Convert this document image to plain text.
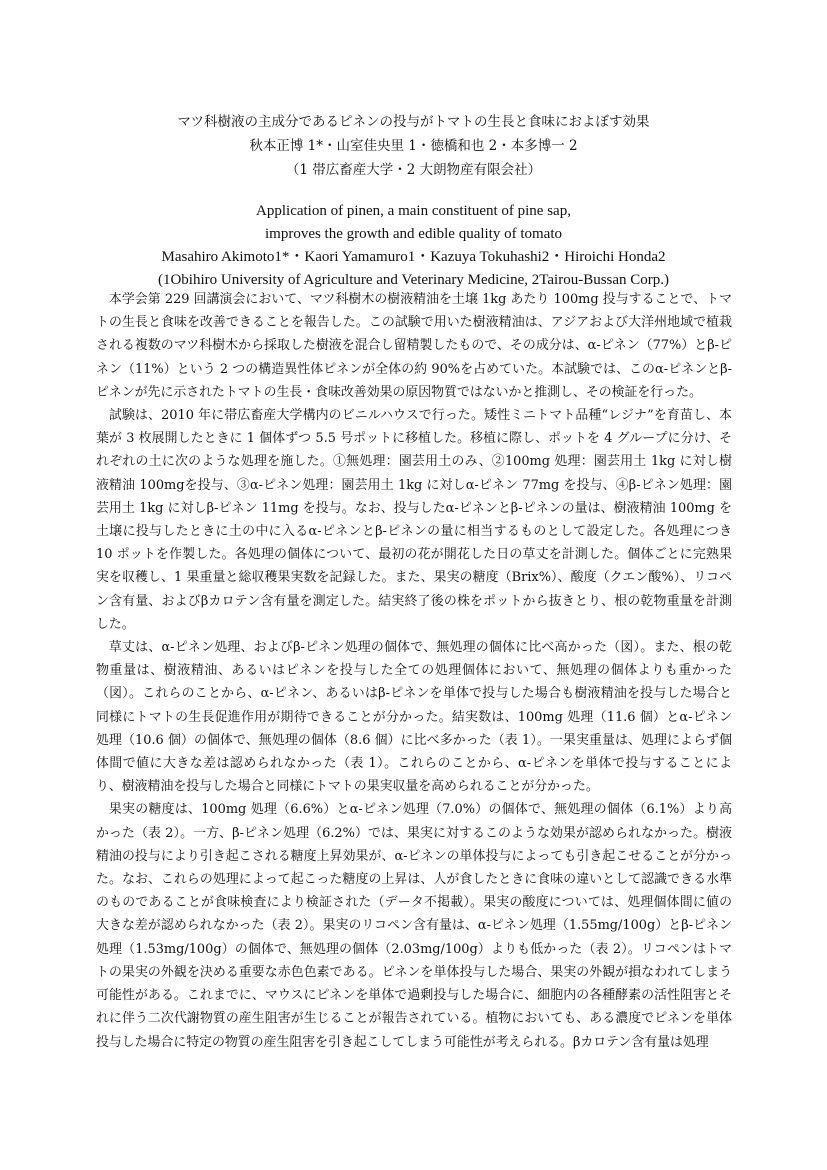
マツ科樹液の主成分であるピネンの投与がトマトの生長と食味におよぼす効果
秋本正博 1*・山室佳央里 1・徳橋和也 2・本多博一 2
（1 帯広畜産大学・2 大朗物産有限会社）
Application of pinen, a main constituent of pine sap,
improves the growth and edible quality of tomato
Masahiro Akimoto1*・Kaori Yamamuro1・Kazuya Tokuhashi2・Hiroichi Honda2
(1Obihiro University of Agriculture and Veterinary Medicine, 2Tairou-Bussan Corp.)

本学会第 229 回講演会において、マツ科樹木の樹液精油を土壌 1kg あたり 100mg 投与することで、トマトの生長と食味を改善できることを報告した。この試験で用いた樹液精油は、アジアおよび大洋州地域で植栽される複数のマツ科樹木から採取した樹液を混合し留精製したもので、その成分は、α-ピネン（77%）とβ-ピネン（11%）という 2 つの構造異性体ピネンが全体の約 90%を占めていた。本試験では、このα-ピネンとβ-ピネンが先に示されたトマトの生長・食味改善効果の原因物質ではないかと推測し、その検証を行った。

試験は、2010 年に帯広畜産大学構内のビニルハウスで行った。矮性ミニトマト品種“レジナ”を育苗し、本葉が 3 枚展開したときに 1 個体ずつ 5.5 号ポットに移植した。移植に際し、ポットを 4 グループに分け、それぞれの土に次のような処理を施した。①無処理：園芸用土のみ、②100mg 処理：園芸用土 1kg に対し樹液精油 100mgを投与、③α-ピネン処理：園芸用土 1kg に対しα-ピネン 77mg を投与、④β-ピネン処理：園芸用土 1kg に対しβ-ピネン 11mg を投与。なお、投与したα-ピネンとβ-ピネンの量は、樹液精油 100mg を土壌に投与したときに土の中に入るα-ピネンとβ-ピネンの量に相当するものとして設定した。各処理につき 10 ポットを作製した。各処理の個体について、最初の花が開花した日の草丈を計測した。個体ごとに完熟果実を収穫し、1 果重量と総収穫果実数を記録した。また、果実の糖度（Brix%）、酸度（クエン酸%）、リコペン含有量、およびβカロテン含有量を測定した。結実終了後の株をポットから抜きとり、根の乾物重量を計測した。

草丈は、α-ピネン処理、およびβ-ピネン処理の個体で、無処理の個体に比べ高かった（図）。また、根の乾物重量は、樹液精油、あるいはピネンを投与した全ての処理個体において、無処理の個体よりも重かった（図）。これらのことから、α-ピネン、あるいはβ-ピネンを単体で投与した場合も樹液精油を投与した場合と同様にトマトの生長促進作用が期待できることが分かった。結実数は、100mg 処理（11.6 個）とα-ピネン処理（10.6 個）の個体で、無処理の個体（8.6 個）に比べ多かった（表 1）。一果実重量は、処理によらず個体間で値に大きな差は認められなかった（表 1）。これらのことから、α-ピネンを単体で投与することにより、樹液精油を投与した場合と同様にトマトの果実収量を高められることが分かった。

果実の糖度は、100mg 処理（6.6%）とα-ピネン処理（7.0%）の個体で、無処理の個体（6.1%）より高かった（表 2）。一方、β-ピネン処理（6.2%）では、果実に対するこのような効果が認められなかった。樹液精油の投与により引き起こされる糖度上昇効果が、α-ピネンの単体投与によっても引き起こせることが分かった。なお、これらの処理によって起こった糖度の上昇は、人が食したときに食味の違いとして認識できる水準のものであることが食味検査により検証された（データ不掲載）。果実の酸度については、処理個体間に値の大きな差が認められなかった（表 2）。果実のリコペン含有量は、α-ピネン処理（1.55mg/100g）とβ-ピネン処理（1.53mg/100g）の個体で、無処理の個体（2.03mg/100g）よりも低かった（表 2）。リコペンはトマトの果実の外観を決める重要な赤色色素である。ピネンを単体投与した場合、果実の外観が損なわれてしまう可能性がある。これまでに、マウスにピネンを単体で過剰投与した場合に、細胞内の各種酵素の活性阻害とそれに伴う二次代謝物質の産生阻害が生じることが報告されている。植物においても、ある濃度でピネンを単体投与した場合に特定の物質の産生阻害を引き起こしてしまう可能性が考えられる。βカロテン含有量は処理
